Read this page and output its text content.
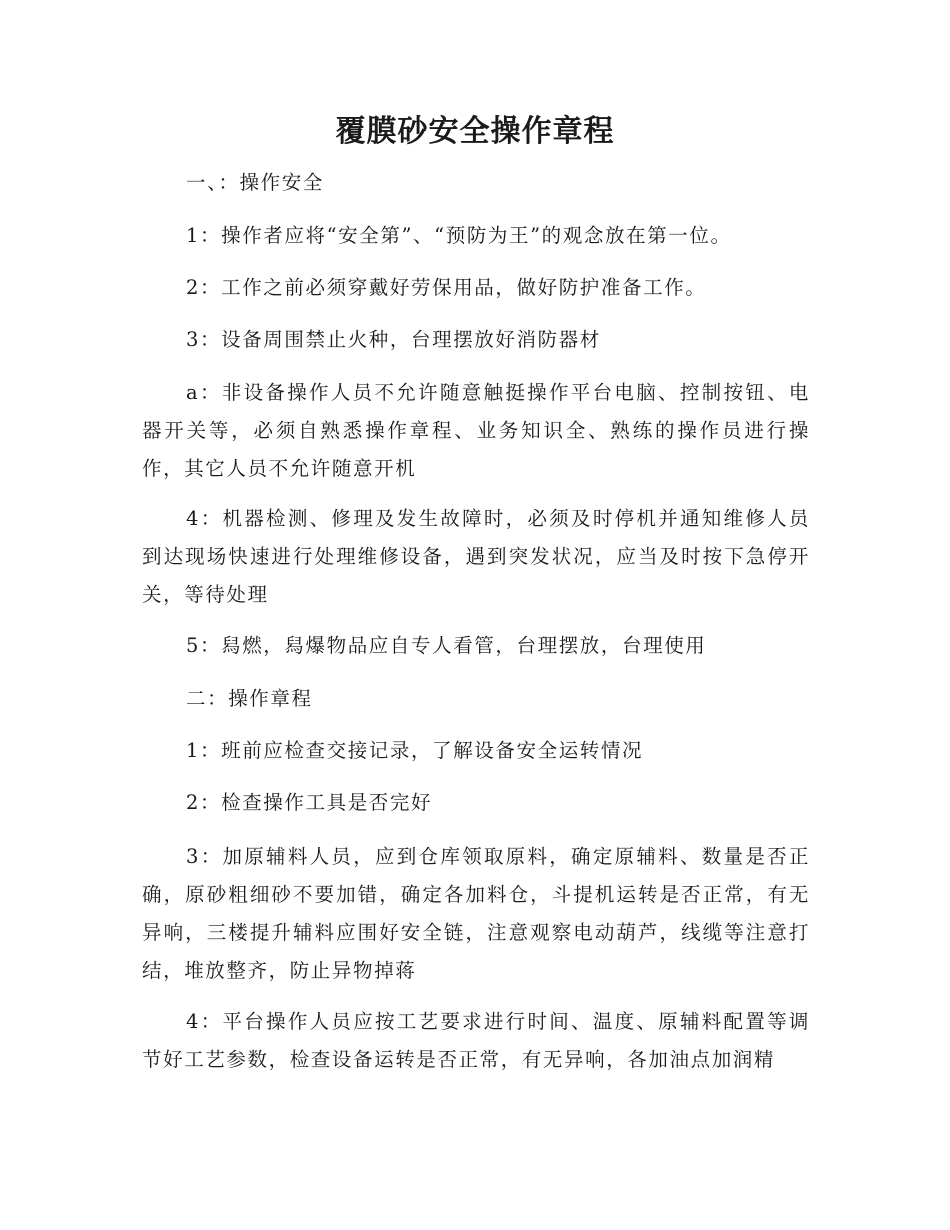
覆膜砂安全操作章程

一、：操作安全

1：操作者应将“安全第”、“预防为王”的观念放在第一位。

2：工作之前必须穿戴好劳保用品，做好防护准备工作。

3：设备周围禁止火种，台理摆放好消防器材

a：非设备操作人员不允许随意触挺操作平台电脑、控制按钮、电器开关等，必须自熟悉操作章程、业务知识全、熟练的操作员进行操作，其它人员不允许随意开机

4：机器检测、修理及发生故障时，必须及时停机并通知维修人员到达现场快速进行处理维修设备，遇到突发状况，应当及时按下急停开关，等待处理

5：舄燃，舄爆物品应自专人看管，台理摆放，台理使用

二：操作章程

1：班前应检查交接记录，了解设备安全运转情况

2：检查操作工具是否完好

3：加原辅料人员，应到仓库领取原料，确定原辅料、数量是否正确，原砂粗细砂不要加错，确定各加料仓，斗提机运转是否正常，有无异响，三楼提升辅料应围好安全链，注意观察电动葫芦，线缆等注意打结，堆放整齐，防止异物掉蒋

4：平台操作人员应按工艺要求进行时间、温度、原辅料配置等调节好工艺参数，检查设备运转是否正常，有无异响，各加油点加润精
